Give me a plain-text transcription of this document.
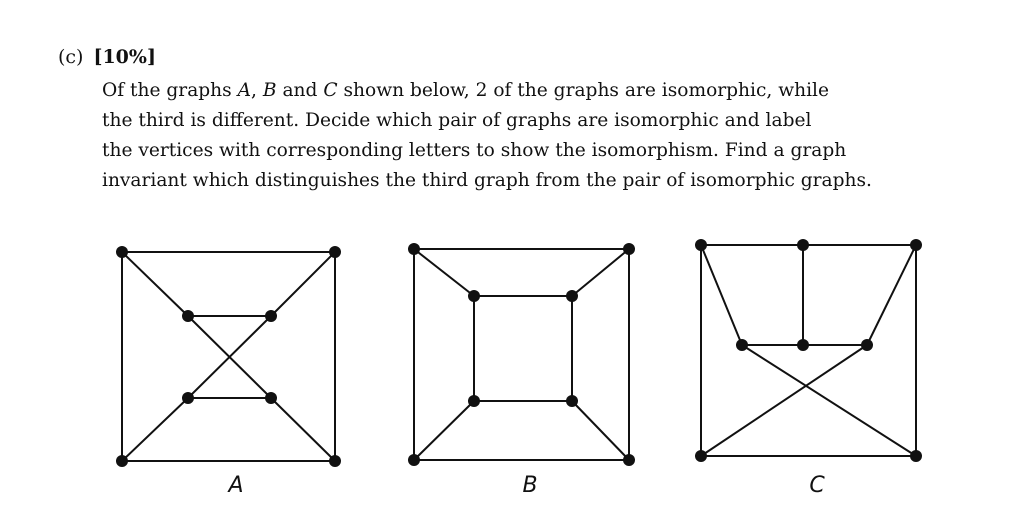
(c) [10%]
Of the graphs A, B and C shown below, 2 of the graphs are isomorphic, while
the third is different. Decide which pair of graphs are isomorphic and label
the vertices with corresponding letters to show the isomorphism. Find a graph
invariant which distinguishes the third graph from the pair of isomorphic graphs.
A	B	C
